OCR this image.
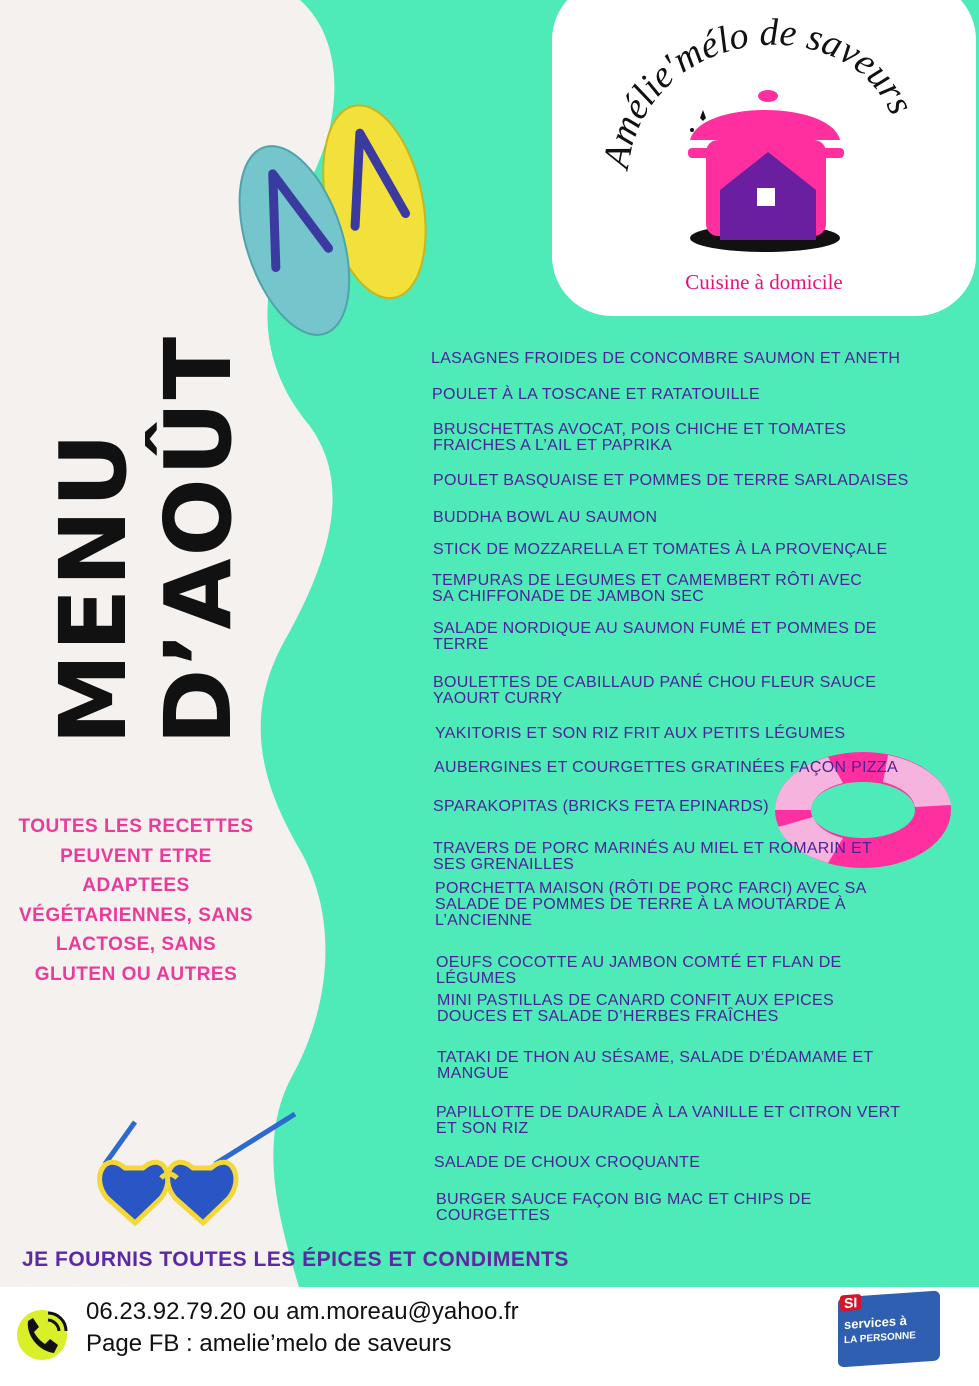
Amélie'mélo de saveurs
Cuisine à domicile
MENU
D’AOÛT
TOUTES LES RECETTES PEUVENT ETRE ADAPTEES VÉGÉTARIENNES, SANS LACTOSE, SANS GLUTEN OU AUTRES
LASAGNES FROIDES DE CONCOMBRE SAUMON ET ANETH
POULET À LA TOSCANE ET RATATOUILLE
BRUSCHETTAS AVOCAT, POIS CHICHE ET TOMATES
FRAICHES A L’AIL ET PAPRIKA
POULET BASQUAISE ET POMMES DE TERRE SARLADAISES
BUDDHA BOWL AU SAUMON
STICK DE MOZZARELLA ET TOMATES À LA PROVENÇALE
TEMPURAS DE LEGUMES ET CAMEMBERT RÔTI AVEC
SA CHIFFONADE DE JAMBON SEC
SALADE NORDIQUE AU SAUMON FUMÉ ET POMMES DE
TERRE
BOULETTES DE CABILLAUD PANÉ CHOU FLEUR SAUCE
YAOURT CURRY
YAKITORIS ET SON RIZ FRIT AUX PETITS LÉGUMES
AUBERGINES ET COURGETTES GRATINÉES FAÇON PIZZA
SPARAKOPITAS (BRICKS FETA EPINARDS)
TRAVERS DE PORC MARINÉS AU MIEL ET ROMARIN ET
SES GRENAILLES
PORCHETTA MAISON (RÔTI DE PORC FARCI) AVEC SA
SALADE DE POMMES DE TERRE À LA MOUTARDE À
L’ANCIENNE
OEUFS COCOTTE AU JAMBON COMTÉ ET FLAN DE
LÉGUMES
MINI PASTILLAS DE CANARD CONFIT AUX EPICES
DOUCES ET SALADE D’HERBES FRAÎCHES
TATAKI DE THON AU SÉSAME, SALADE D’ÉDAMAME ET
MANGUE
PAPILLOTTE DE DAURADE À LA VANILLE ET CITRON VERT
ET SON RIZ
SALADE DE CHOUX CROQUANTE
BURGER SAUCE FAÇON BIG MAC ET CHIPS DE
COURGETTES
JE FOURNIS TOUTES LES ÉPICES ET CONDIMENTS
06.23.92.79.20 ou am.moreau@yahoo.fr
Page FB : amelie’melo de saveurs
SI
services à
LA PERSONNE
